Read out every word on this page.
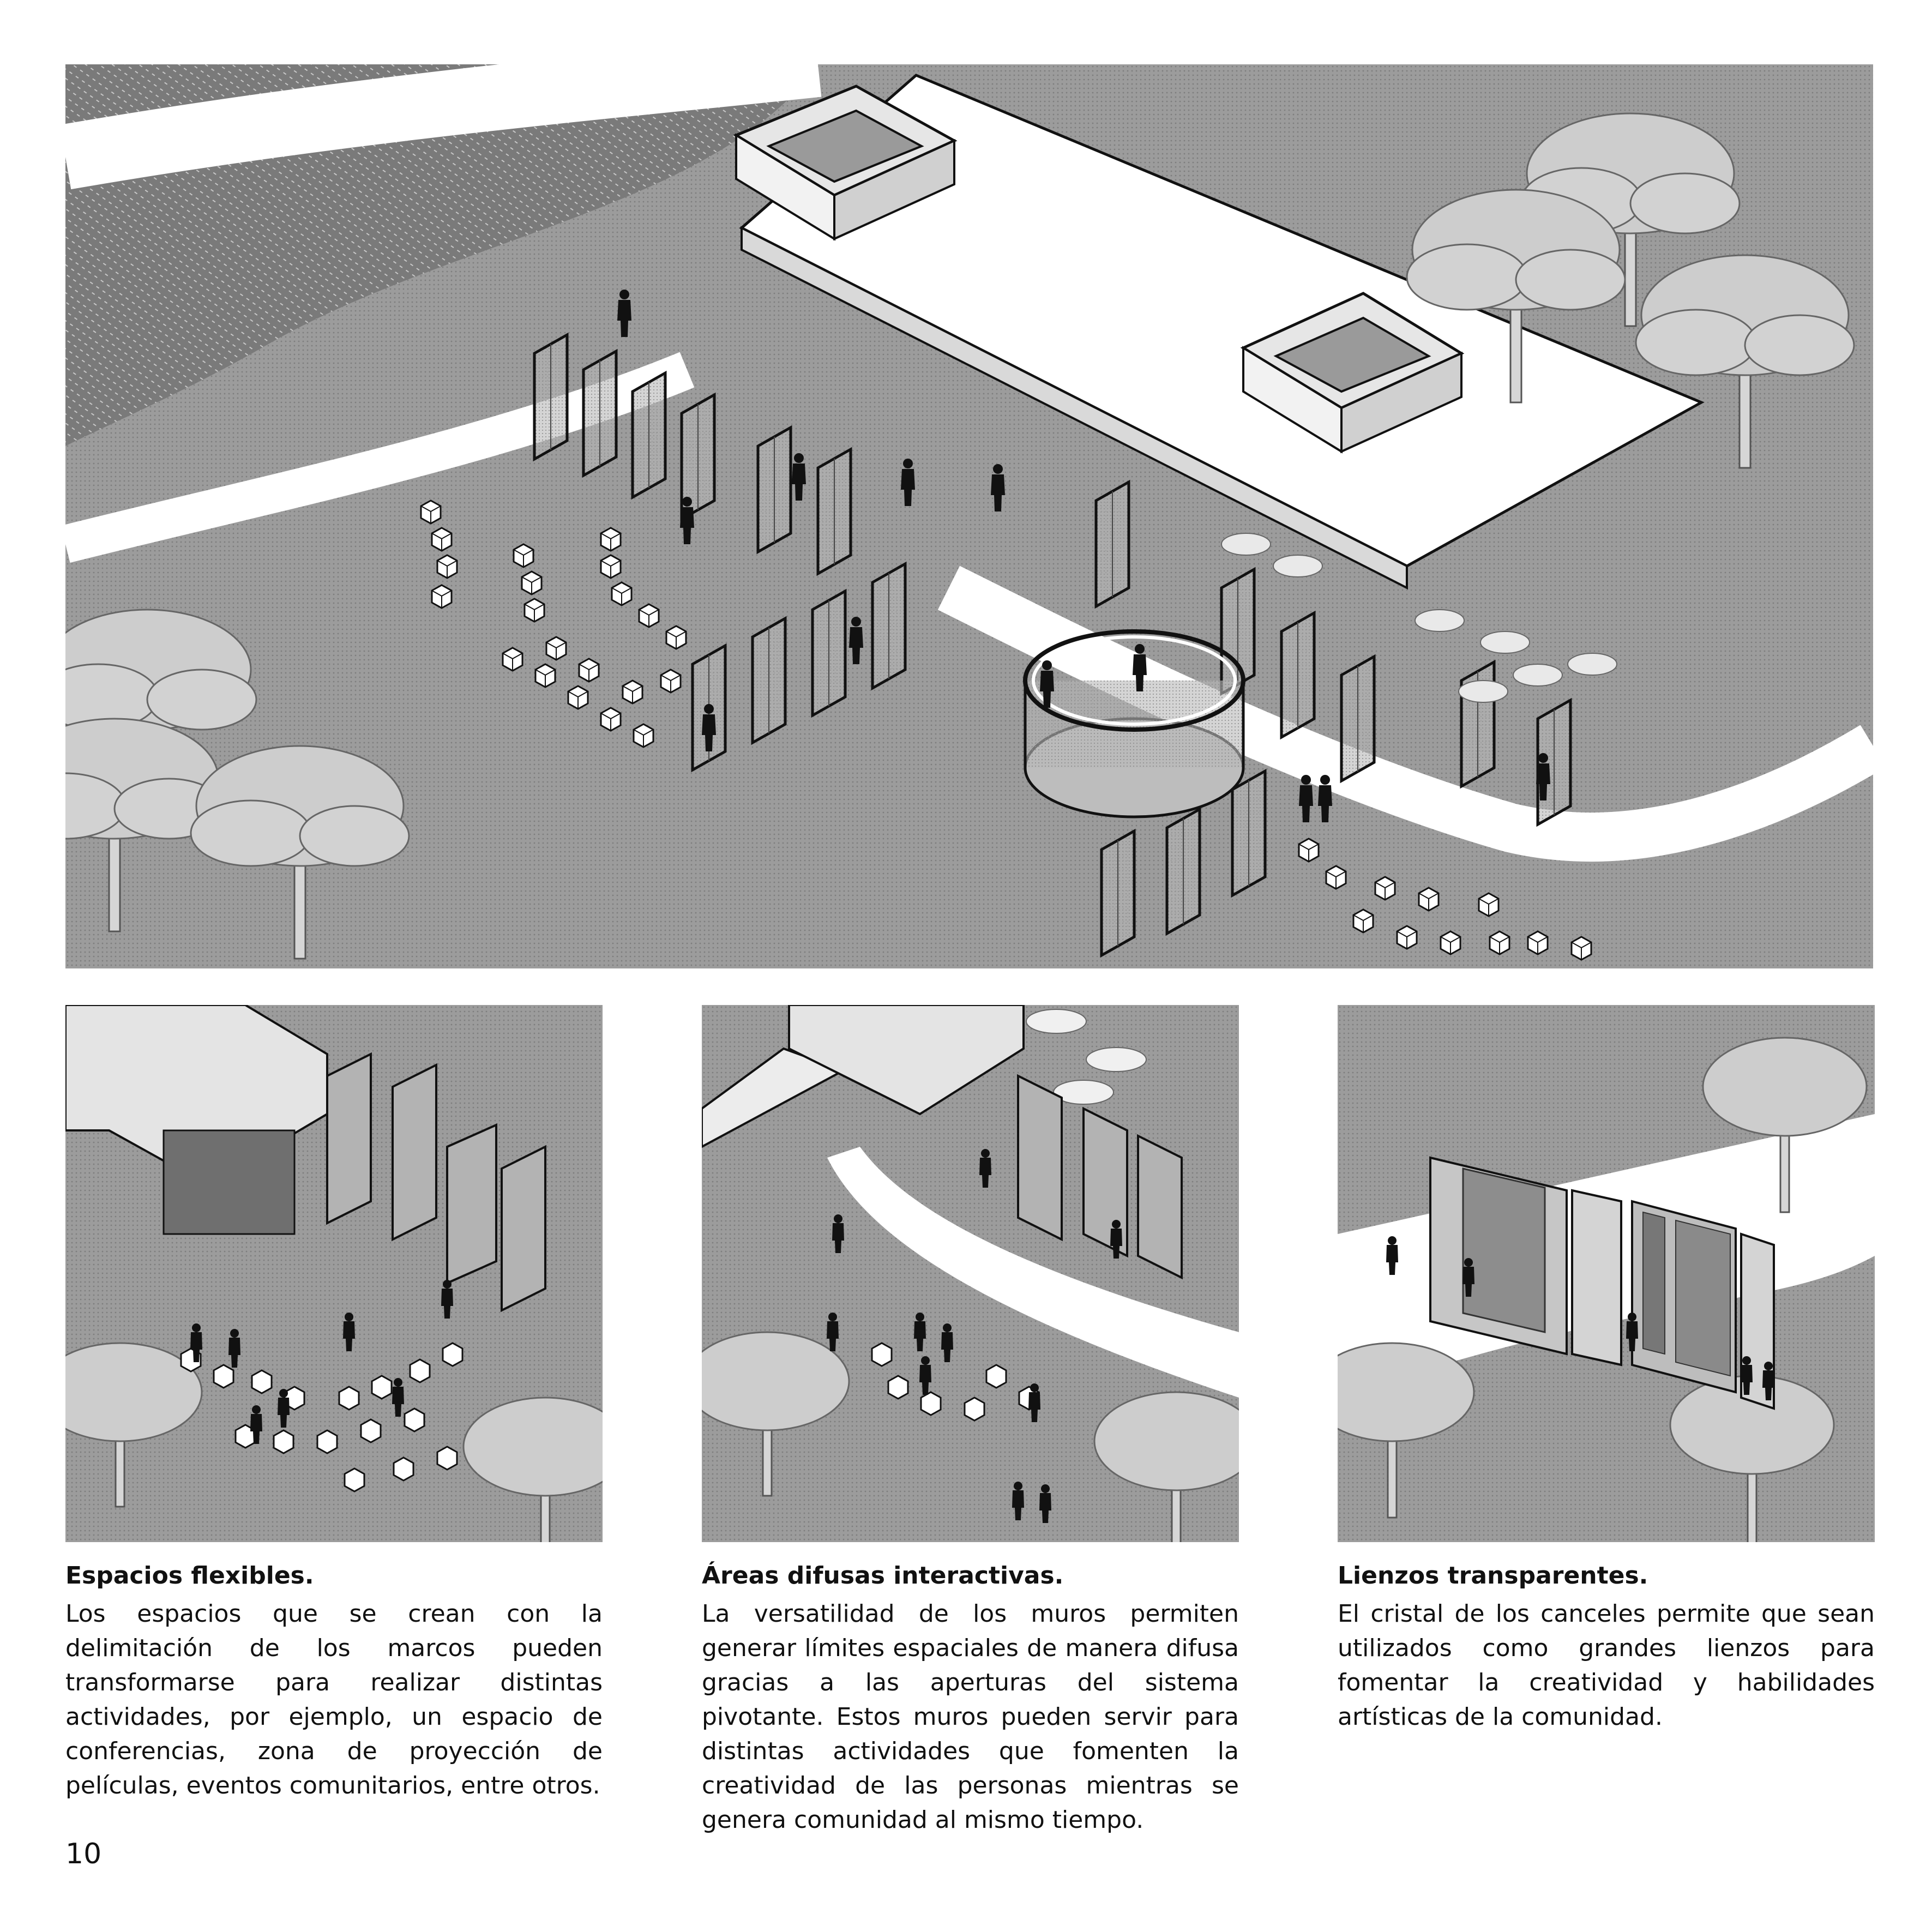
Espacios flexibles.

Los espacios que se crean con la delimitación de los marcos pueden transformarse para realizar distintas actividades, por ejemplo, un espacio de conferencias, zona de proyección de películas, eventos comunitarios, entre otros.

Áreas difusas interactivas.

La versatilidad de los muros permiten generar límites espaciales de manera difusa gracias a las aperturas del sistema pivotante. Estos muros pueden servir para distintas actividades que fomenten la creatividad de las personas mientras se genera comunidad al mismo tiempo.

Lienzos transparentes.

El cristal de los canceles permite que sean utilizados como grandes lienzos para fomentar la creatividad y habilidades artísticas de la comunidad.

10
